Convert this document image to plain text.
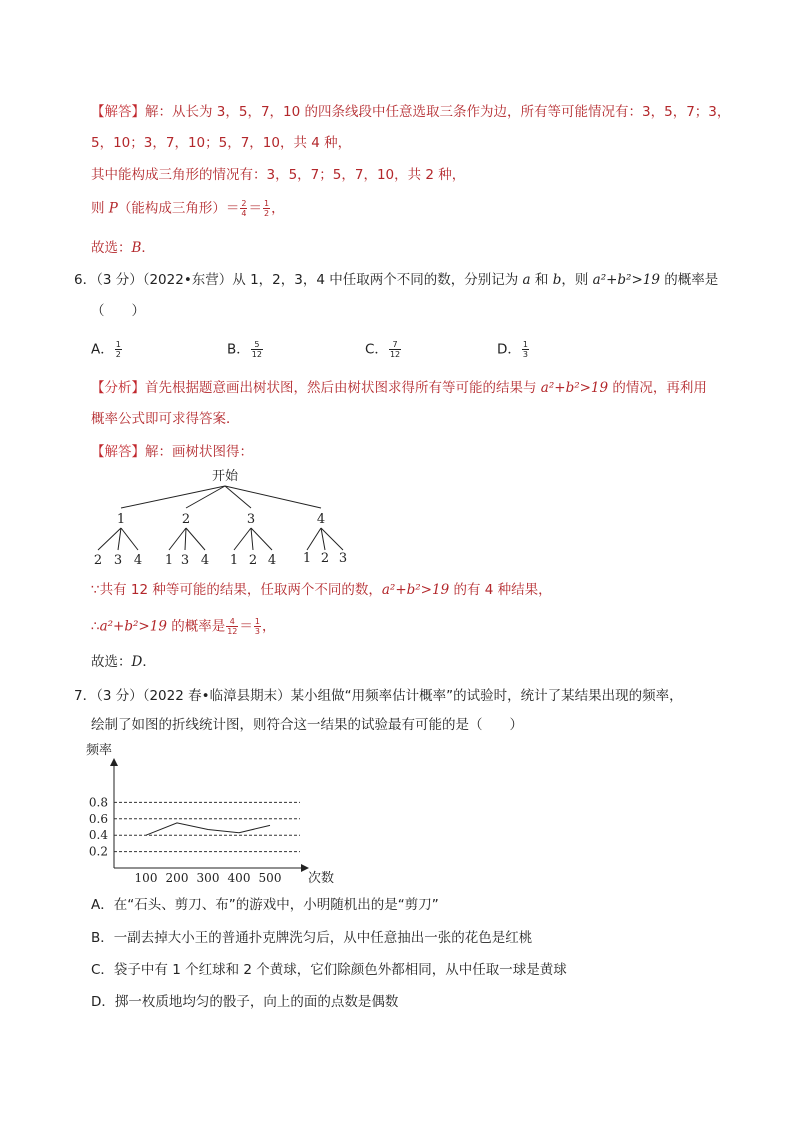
【解答】解：从长为 3，5，7，10 的四条线段中任意选取三条作为边，所有等可能情况有：3，5，7；3，
5，10；3，7，10；5，7，10，共 4 种，
其中能构成三角形的情况有：3，5，7；5，7，10，共 2 种，
则 P（能构成三角形）＝ $\frac{2}{4} = \frac{1}{2}$ ，
故选：B．
6．（3 分）（2022•东营）从 1，2，3，4 中任取两个不同的数，分别记为 a 和 b，则 a²+b²>19 的概率是
（　　）
A． $\frac{1}{2}$	B． $\frac{5}{12}$	C． $\frac{7}{12}$	D． $\frac{1}{3}$
【分析】首先根据题意画出树状图，然后由树状图求得所有等可能的结果与 a²+b²>19 的情况，再利用
概率公式即可求得答案．
【解答】解：画树状图得：
开始
1	2	3	4
2 3 4 1 3 4 1 2 4 1 2 3
∵共有 12 种等可能的结果，任取两个不同的数，a²+b²>19 的有 4 种结果，
∴a²+b²>19 的概率是 $\frac{4}{12} = \frac{1}{3}$ ，
故选：D．
7．（3 分）（2022 春•临漳县期末）某小组做“用频率估计概率”的试验时，统计了某结果出现的频率，
绘制了如图的折线统计图，则符合这一结果的试验最有可能的是（　　）
频率
次数
0.8
0.6
0.4
0.2
100 200 300 400 500
A．在“石头、剪刀、布”的游戏中，小明随机出的是“剪刀”
B．一副去掉大小王的普通扑克牌洗匀后，从中任意抽出一张的花色是红桃
C．袋子中有 1 个红球和 2 个黄球，它们除颜色外都相同，从中任取一球是黄球
D．掷一枚质地均匀的骰子，向上的面的点数是偶数
